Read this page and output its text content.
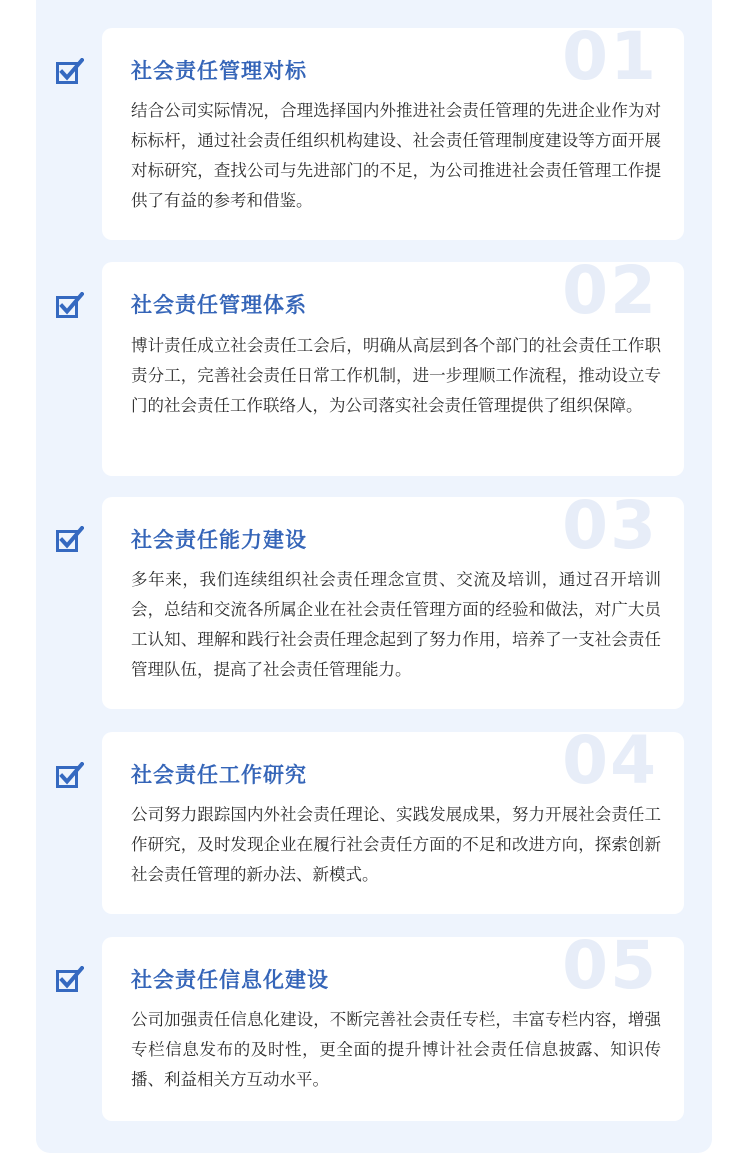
01
社会责任管理对标

结合公司实际情况，合理选择国内外推进社会责任管理的先进企业作为对标标杆，通过社会责任组织机构建设、社会责任管理制度建设等方面开展对标研究，查找公司与先进部门的不足，为公司推进社会责任管理工作提供了有益的参考和借鉴。

02
社会责任管理体系

博计责任成立社会责任工会后，明确从高层到各个部门的社会责任工作职责分工，完善社会责任日常工作机制，进一步理顺工作流程，推动设立专门的社会责任工作联络人，为公司落实社会责任管理提供了组织保障。

03
社会责任能力建设

多年来，我们连续组织社会责任理念宣贯、交流及培训，通过召开培训会，总结和交流各所属企业在社会责任管理方面的经验和做法，对广大员工认知、理解和践行社会责任理念起到了努力作用，培养了一支社会责任管理队伍，提高了社会责任管理能力。

04
社会责任工作研究

公司努力跟踪国内外社会责任理论、实践发展成果，努力开展社会责任工作研究，及时发现企业在履行社会责任方面的不足和改进方向，探索创新社会责任管理的新办法、新模式。

05
社会责任信息化建设

公司加强责任信息化建设，不断完善社会责任专栏，丰富专栏内容，增强专栏信息发布的及时性，更全面的提升博计社会责任信息披露、知识传播、利益相关方互动水平。
